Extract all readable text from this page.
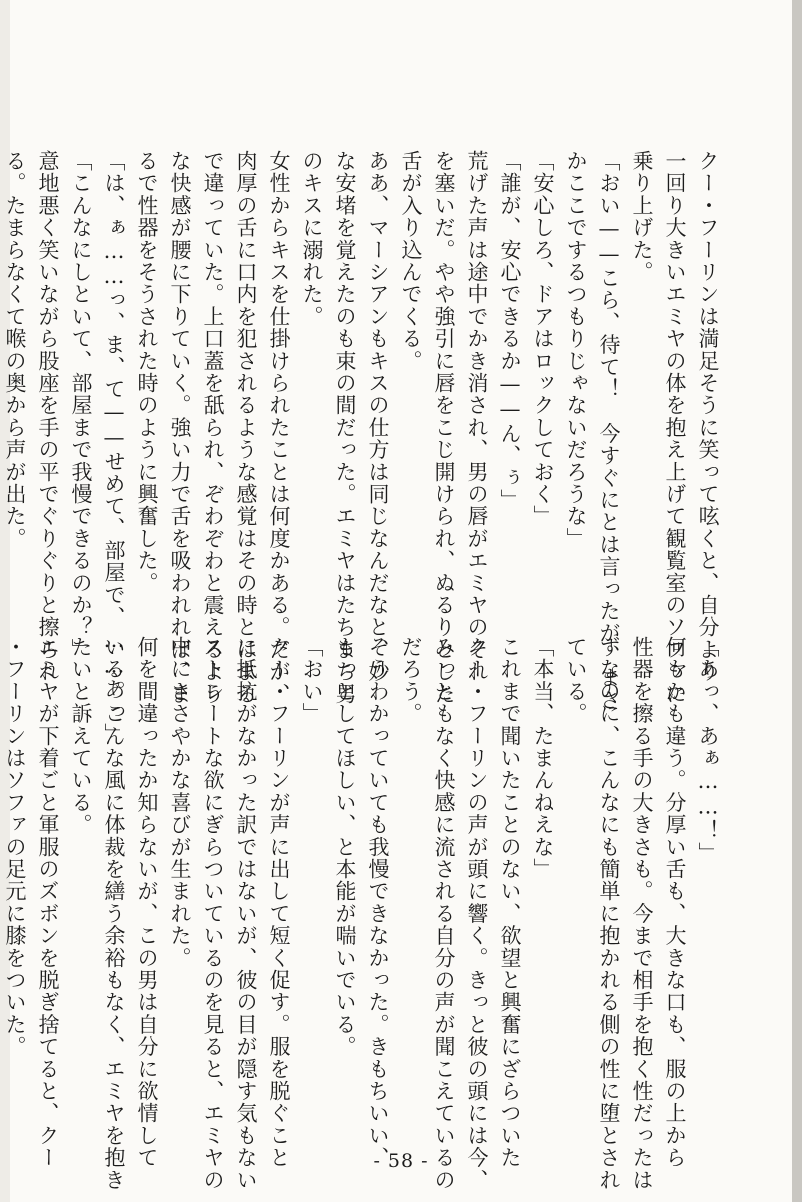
クー・フーリンは満足そうに笑って呟くと、自分より

一回り大きいエミヤの体を抱え上げて観覧室のソファに

乗り上げた。

「おい——こら、待て！　今すぐにとは言ったが、まさ

かここでするつもりじゃないだろうな」

「安心しろ、ドアはロックしておく」

「誰が、安心できるか——ん、ぅ」

荒げた声は途中でかき消され、男の唇がエミヤのそれ

を塞いだ。やや強引に唇をこじ開けられ、ぬるりとした

舌が入り込んでくる。

ああ、マーシアンもキスの仕方は同じなんだなと、妙

な安堵を覚えたのも束の間だった。エミヤはたちまち男

のキスに溺れた。

女性からキスを仕掛けられたことは何度かある。だが、

肉厚の舌に口内を犯されるような感覚はその時とはまる

で違っていた。上口蓋を舐られ、ぞわぞわと震えるよう

な快感が腰に下りていく。強い力で舌を吸われれば、ま

るで性器をそうされた時のように興奮した。

「は、ぁ……っ、ま、て——せめて、部屋で、……あっ」

「こんなにしといて、部屋まで我慢できるのか？」

意地悪く笑いながら股座を手の平でぐりぐりと擦られ

る。たまらなくて喉の奥から声が出た。

「あっ、あぁ……！」

何もかも違う。分厚い舌も、大きな口も、服の上から

性器を擦る手の大きさも。今まで相手を抱く性だったは

ずなのに、こんなにも簡単に抱かれる側の性に堕とされ

ている。

「本当、たまんねえな」

これまで聞いたことのない、欲望と興奮にざらついた

クー・フーリンの声が頭に響く。きっと彼の頭には今、

みっともなく快感に流される自分の声が聞こえているの

だろう。

そうわかっていても我慢できなかった。きもちいい、

もっとしてほしい、と本能が喘いでいる。

「おい」

クー・フーリンが声に出して短く促す。服を脱ぐこと

に抵抗がなかった訳ではないが、彼の目が隠す気もない

ストレートな欲にぎらついているのを見ると、エミヤの

中にささやかな喜びが生まれた。

何を間違ったか知らないが、この男は自分に欲情して

いる。こんな風に体裁を繕う余裕もなく、エミヤを抱き

たいと訴えている。

エミヤが下着ごと軍服のズボンを脱ぎ捨てると、クー

・フーリンはソファの足元に膝をついた。

- 58 -
